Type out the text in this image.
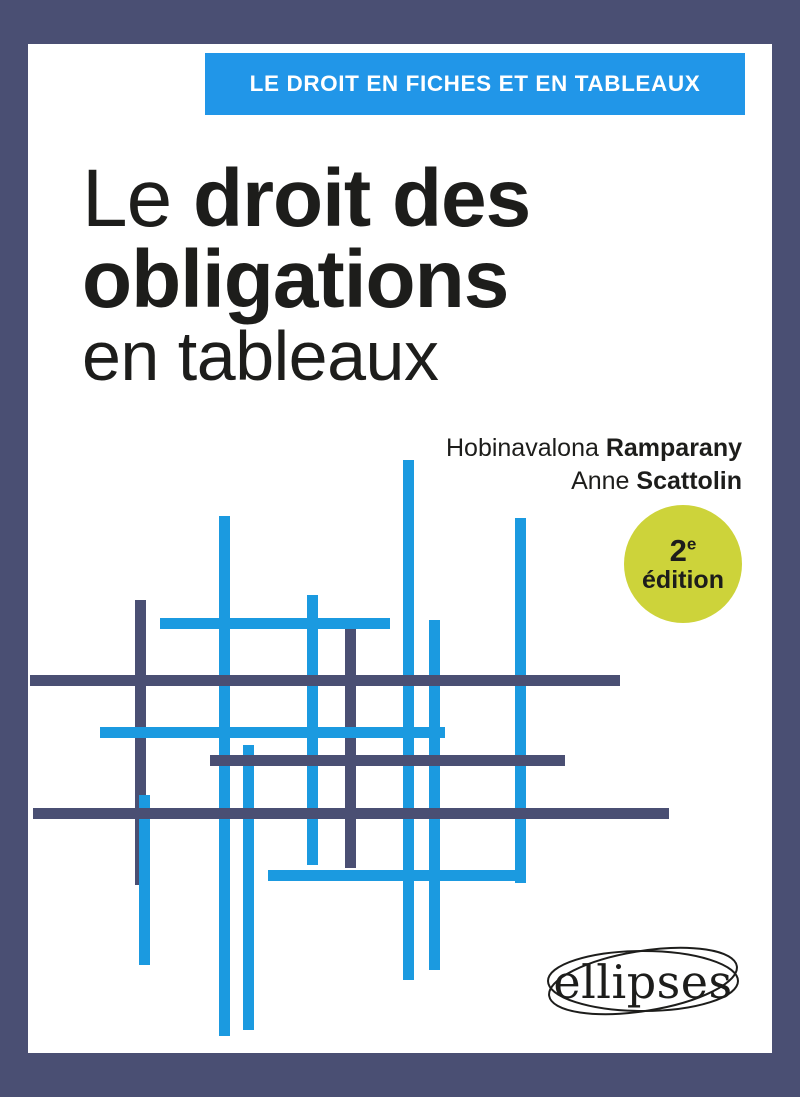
LE DROIT EN FICHES ET EN TABLEAUX
Le droit des
obligations
en tableaux
Hobinavalona Ramparany
Anne Scattolin
2e
édition
ellipses
